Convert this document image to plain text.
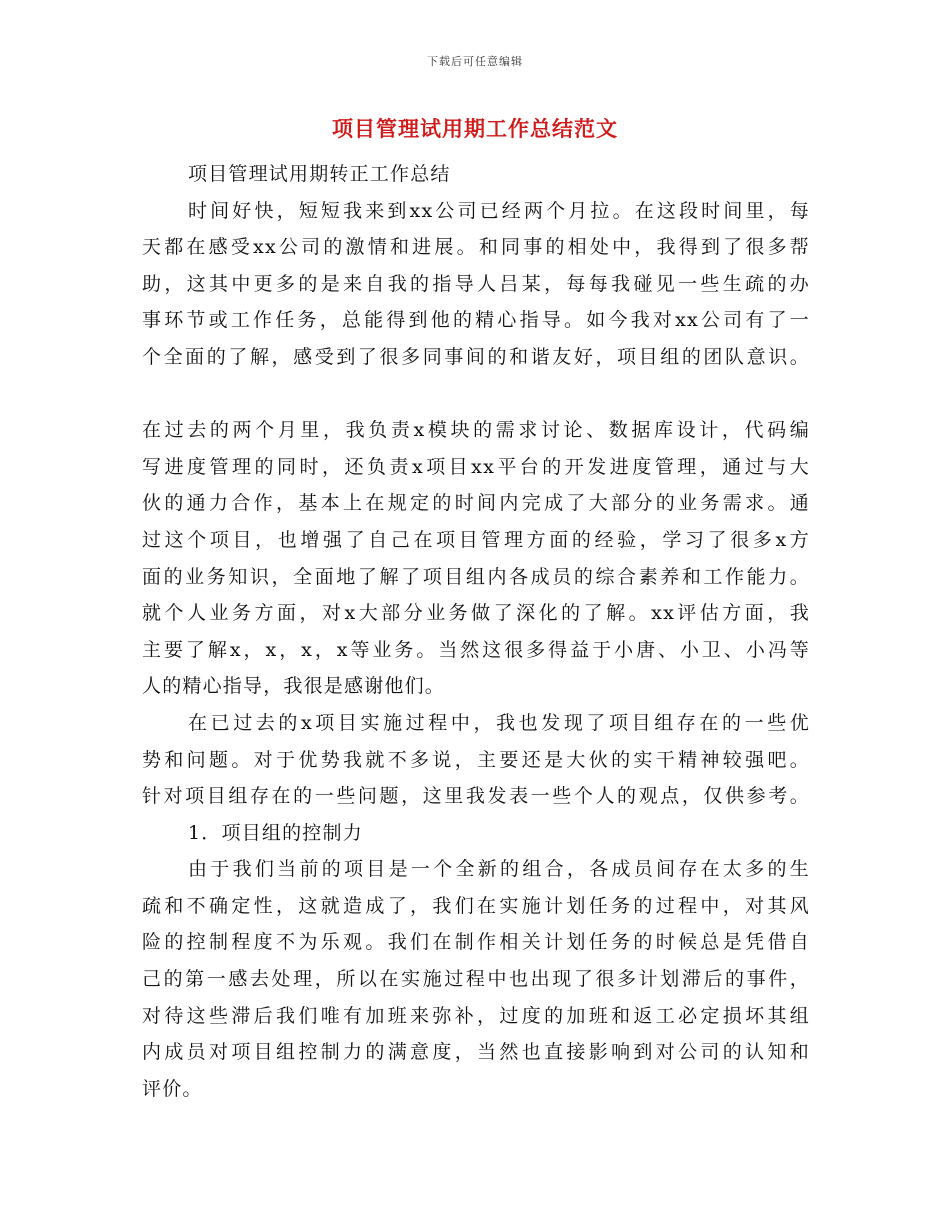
下载后可任意编辑
项目管理试用期工作总结范文
项目管理试用期转正工作总结
时间好快，短短我来到xx公司已经两个月拉。在这段时间里，每
天都在感受xx公司的激情和进展。和同事的相处中，我得到了很多帮
助，这其中更多的是来自我的指导人吕某，每每我碰见一些生疏的办
事环节或工作任务，总能得到他的精心指导。如今我对xx公司有了一
个全面的了解，感受到了很多同事间的和谐友好，项目组的团队意识。
在过去的两个月里，我负责x模块的需求讨论、数据库设计，代码编
写进度管理的同时，还负责x项目xx平台的开发进度管理，通过与大
伙的通力合作，基本上在规定的时间内完成了大部分的业务需求。通
过这个项目，也增强了自己在项目管理方面的经验，学习了很多x方
面的业务知识，全面地了解了项目组内各成员的综合素养和工作能力。
就个人业务方面，对x大部分业务做了深化的了解。xx评估方面，我
主要了解x，x，x，x等业务。当然这很多得益于小唐、小卫、小冯等
人的精心指导，我很是感谢他们。
在已过去的x项目实施过程中，我也发现了项目组存在的一些优
势和问题。对于优势我就不多说，主要还是大伙的实干精神较强吧。
针对项目组存在的一些问题，这里我发表一些个人的观点，仅供参考。
1．项目组的控制力
由于我们当前的项目是一个全新的组合，各成员间存在太多的生
疏和不确定性，这就造成了，我们在实施计划任务的过程中，对其风
险的控制程度不为乐观。我们在制作相关计划任务的时候总是凭借自
己的第一感去处理，所以在实施过程中也出现了很多计划滞后的事件，
对待这些滞后我们唯有加班来弥补，过度的加班和返工必定损坏其组
内成员对项目组控制力的满意度，当然也直接影响到对公司的认知和
评价。
